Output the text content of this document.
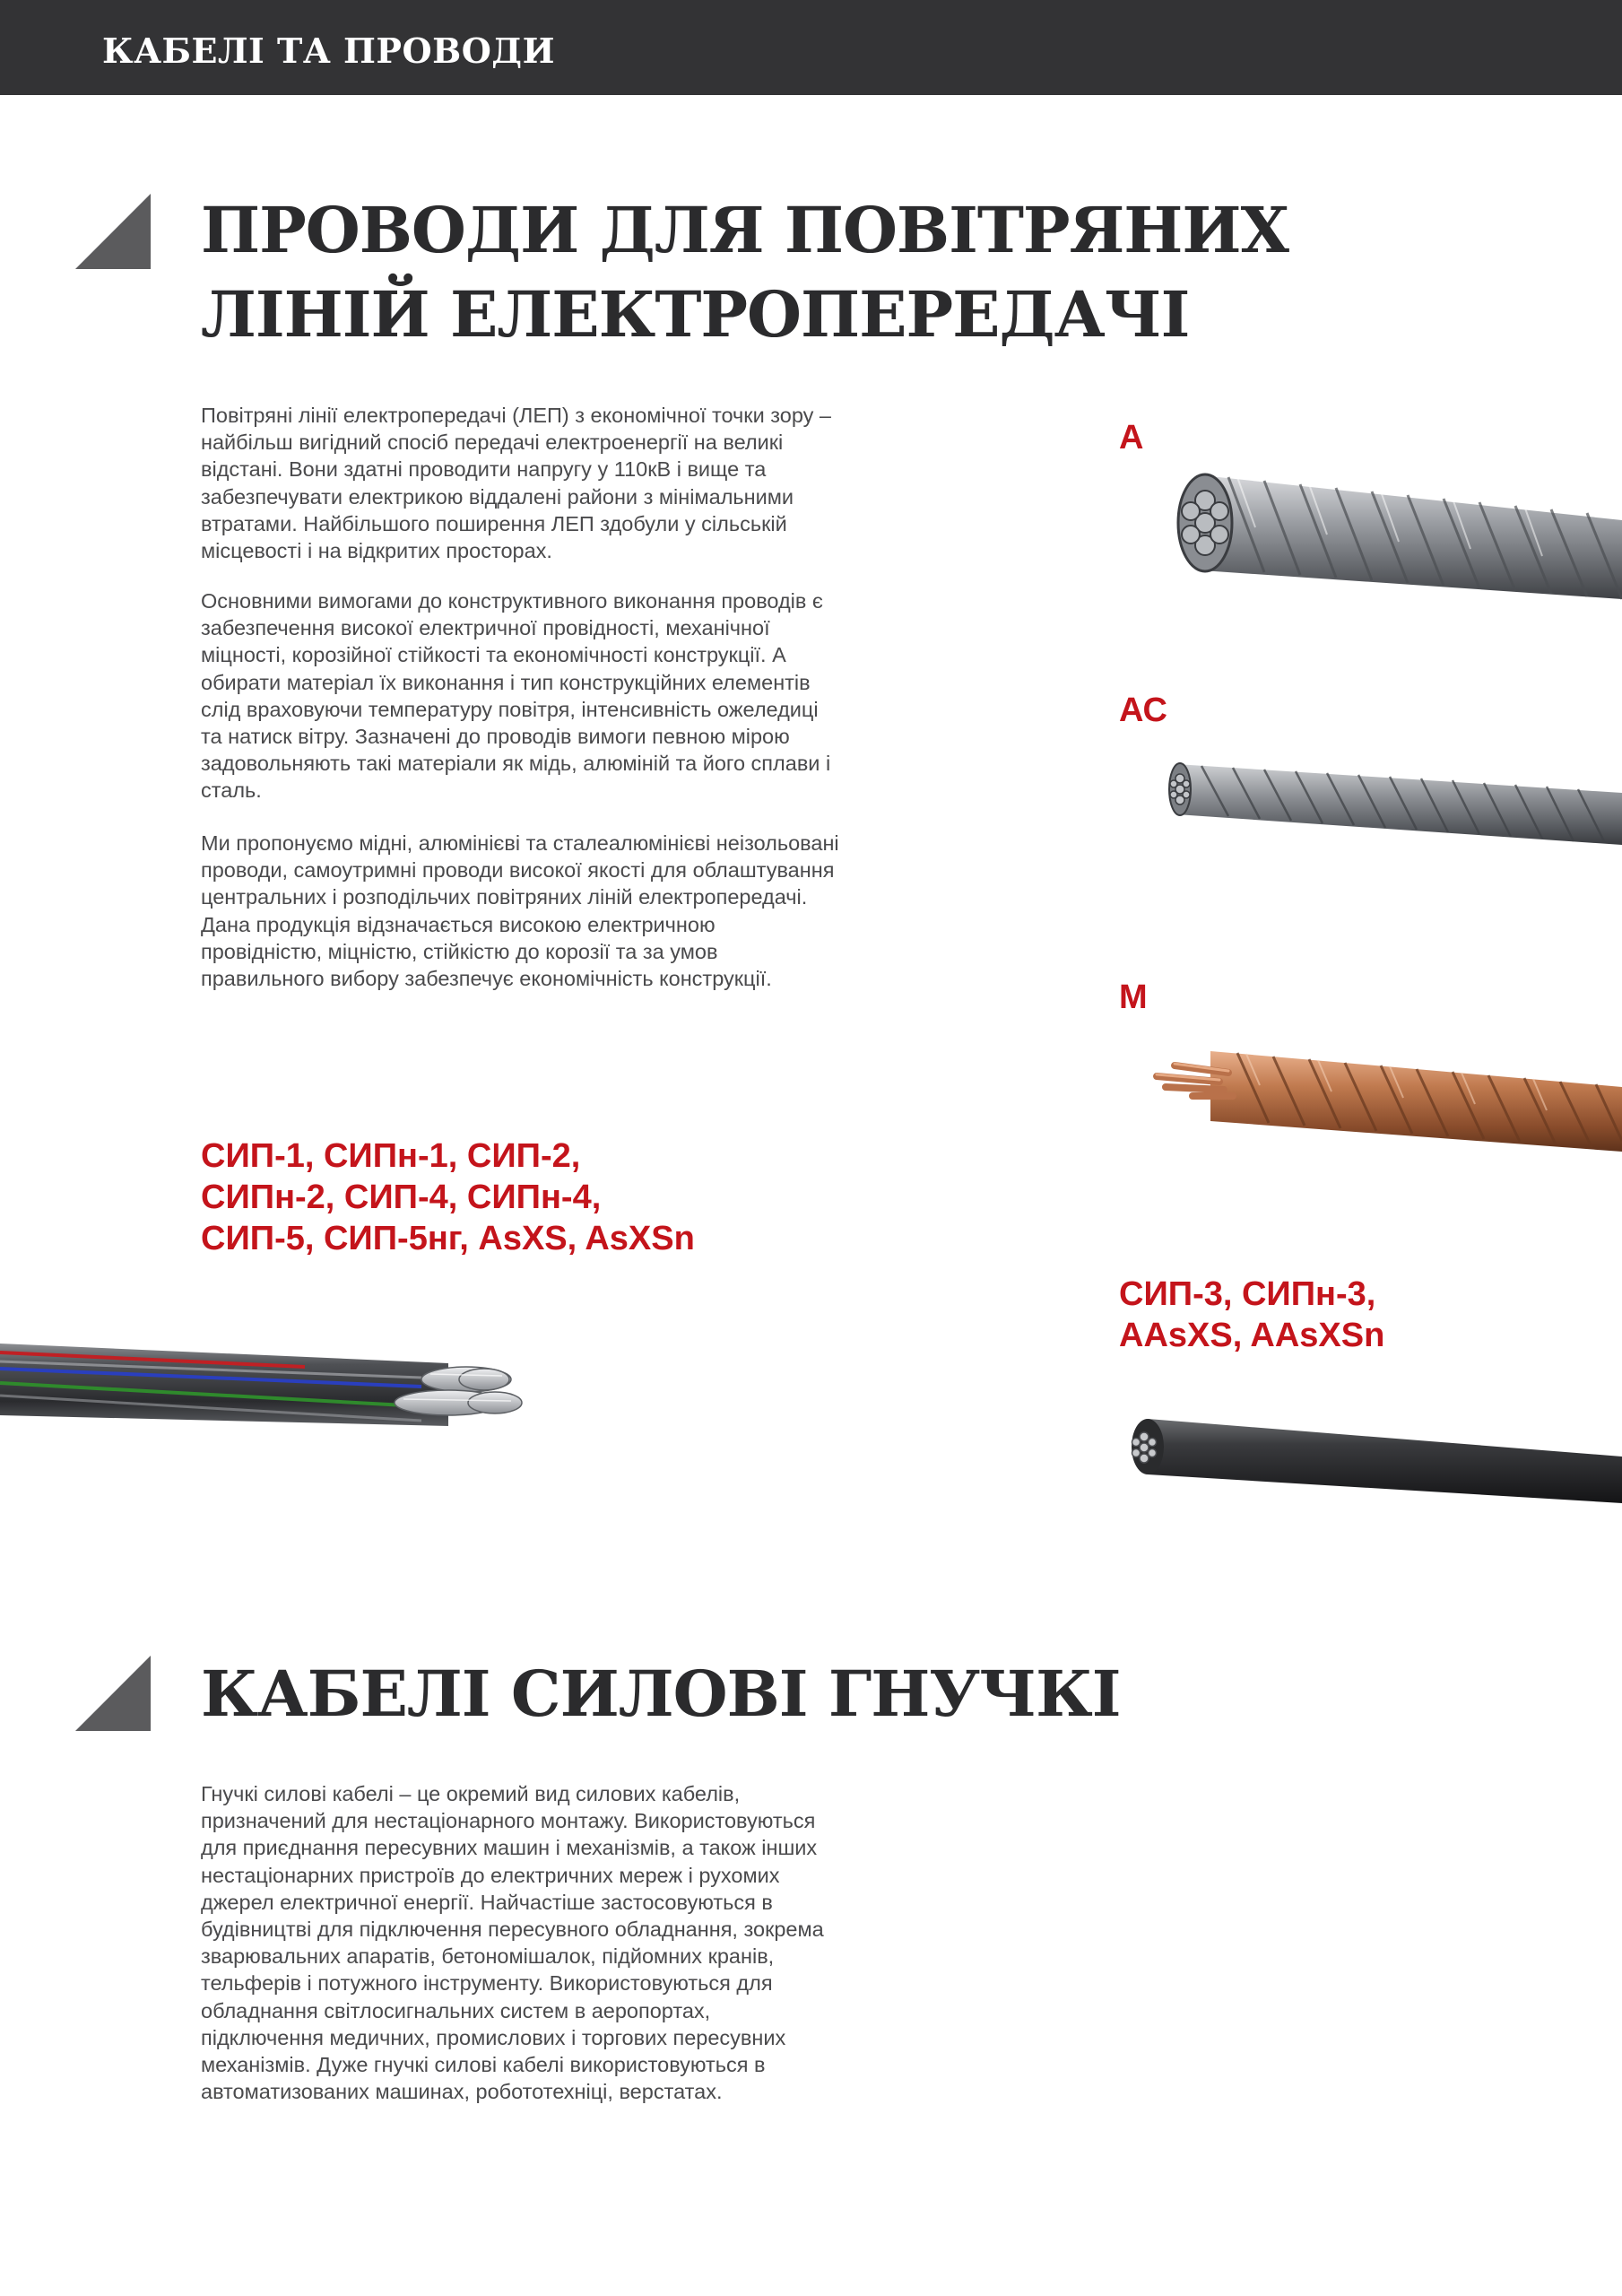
КАБЕЛІ ТА ПРОВОДИ
ПРОВОДИ ДЛЯ ПОВІТРЯНИХ
ЛІНІЙ ЕЛЕКТРОПЕРЕДАЧІ

Повітряні лінії електропередачі (ЛЕП) з економічної точки зору –
найбільш вигідний спосіб передачі електроенергії на великі
відстані. Вони здатні проводити напругу у 110кВ і вище та
забезпечувати електрикою віддалені райони з мінімальними
втратами. Найбільшого поширення ЛЕП здобули у сільській
місцевості і на відкритих просторах.

Основними вимогами до конструктивного виконання проводів є
забезпечення високої електричної провідності, механічної
міцності, корозійної стійкості та економічності конструкції. А
обирати матеріал їх виконання і тип конструкційних елементів
слід враховуючи температуру повітря, інтенсивність ожеледиці
та натиск вітру. Зазначені до проводів вимоги певною мірою
задовольняють такі матеріали як мідь, алюміній та його сплави і
сталь.

Ми пропонуємо мідні, алюмінієві та сталеалюмінієві неізольовані
проводи, самоутримні проводи високої якості для облаштування
центральних і розподільчих повітряних ліній електропередачі.
Дана продукція відзначається високою електричною
провідністю, міцністю, стійкістю до корозії та за умов
правильного вибору забезпечує економічність конструкції.

СИП-1, СИПн-1, СИП-2,
СИПн-2, СИП-4, СИПн-4,
СИП-5, СИП-5нг, AsXS, AsXSn
А
АС
М
СИП-3, СИПн-3,
AAsXS, AAsXSn
КАБЕЛІ СИЛОВІ ГНУЧКІ

Гнучкі силові кабелі – це окремий вид силових кабелів,
призначений для нестаціонарного монтажу. Використовуються
для приєднання пересувних машин і механізмів, а також інших
нестаціонарних пристроїв до електричних мереж і рухомих
джерел електричної енергії. Найчастіше застосовуються в
будівництві для підключення пересувного обладнання, зокрема
зварювальних апаратів, бетономішалок, підйомних кранів,
тельферів і потужного інструменту. Використовуються для
обладнання світлосигнальних систем в аеропортах,
підключення медичних, промислових і торгових пересувних
механізмів. Дуже гнучкі силові кабелі використовуються в
автоматизованих машинах, робототехніці, верстатах.
